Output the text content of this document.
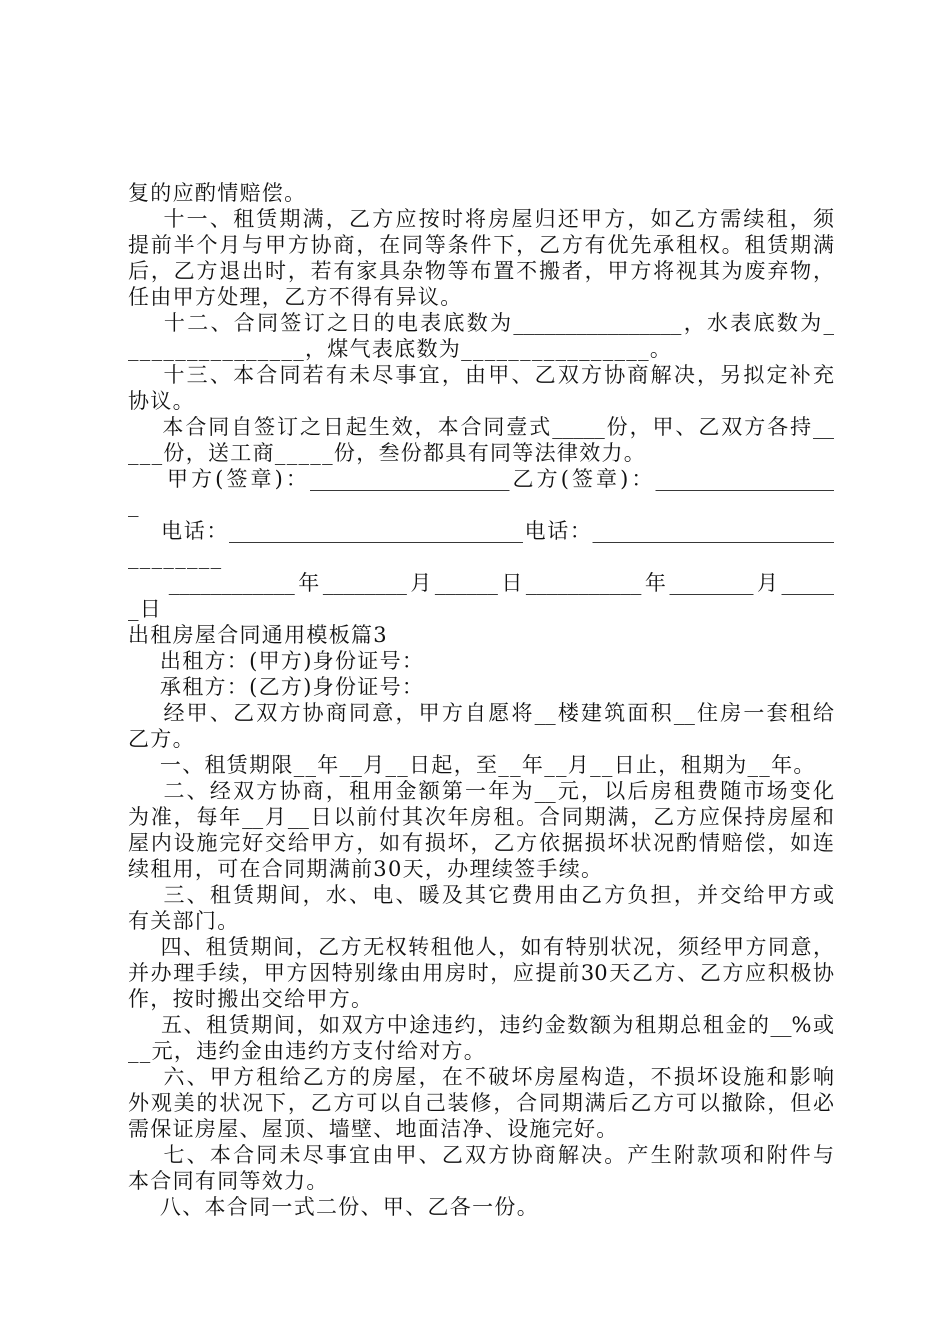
复的应酌情赔偿。

十一、租赁期满，乙方应按时将房屋归还甲方，如乙方需续租，须

提前半个月与甲方协商，在同等条件下，乙方有优先承租权。租赁期满

后，乙方退出时，若有家具杂物等布置不搬者，甲方将视其为废弃物，

任由甲方处理，乙方不得有异议。

十二、合同签订之日的电表底数为________________，水表底数为_

_______________，煤气表底数为________________。

十三、本合同若有未尽事宜，由甲、乙双方协商解决，另拟定补充

协议。

本合同自签订之日起生效，本合同壹式_____份，甲、乙双方各持__

___份，送工商_____份，叁份都具有同等法律效力。

甲方(签章)：___________________乙方(签章)：_________________

_

电话：____________________________电话：_______________________

________

____________年________月______日___________年________月_____

_日

出租房屋合同通用模板篇3

出租方：(甲方)身份证号：

承租方：(乙方)身份证号：

经甲、乙双方协商同意，甲方自愿将__楼建筑面积__住房一套租给

乙方。

一、租赁期限__年__月__日起，至__年__月__日止，租期为__年。

二、经双方协商，租用金额第一年为__元，以后房租费随市场变化

为准，每年__月__日以前付其次年房租。合同期满，乙方应保持房屋和

屋内设施完好交给甲方，如有损坏，乙方依据损坏状况酌情赔偿，如连

续租用，可在合同期满前30天，办理续签手续。

三、租赁期间，水、电、暖及其它费用由乙方负担，并交给甲方或

有关部门。

四、租赁期间，乙方无权转租他人，如有特别状况，须经甲方同意，

并办理手续，甲方因特别缘由用房时，应提前30天乙方、乙方应积极协

作，按时搬出交给甲方。

五、租赁期间，如双方中途违约，违约金数额为租期总租金的__%或

__元，违约金由违约方支付给对方。

六、甲方租给乙方的房屋，在不破坏房屋构造，不损坏设施和影响

外观美的状况下，乙方可以自己装修，合同期满后乙方可以撤除，但必

需保证房屋、屋顶、墙壁、地面洁净、设施完好。

七、本合同未尽事宜由甲、乙双方协商解决。产生附款项和附件与

本合同有同等效力。

八、本合同一式二份、甲、乙各一份。
